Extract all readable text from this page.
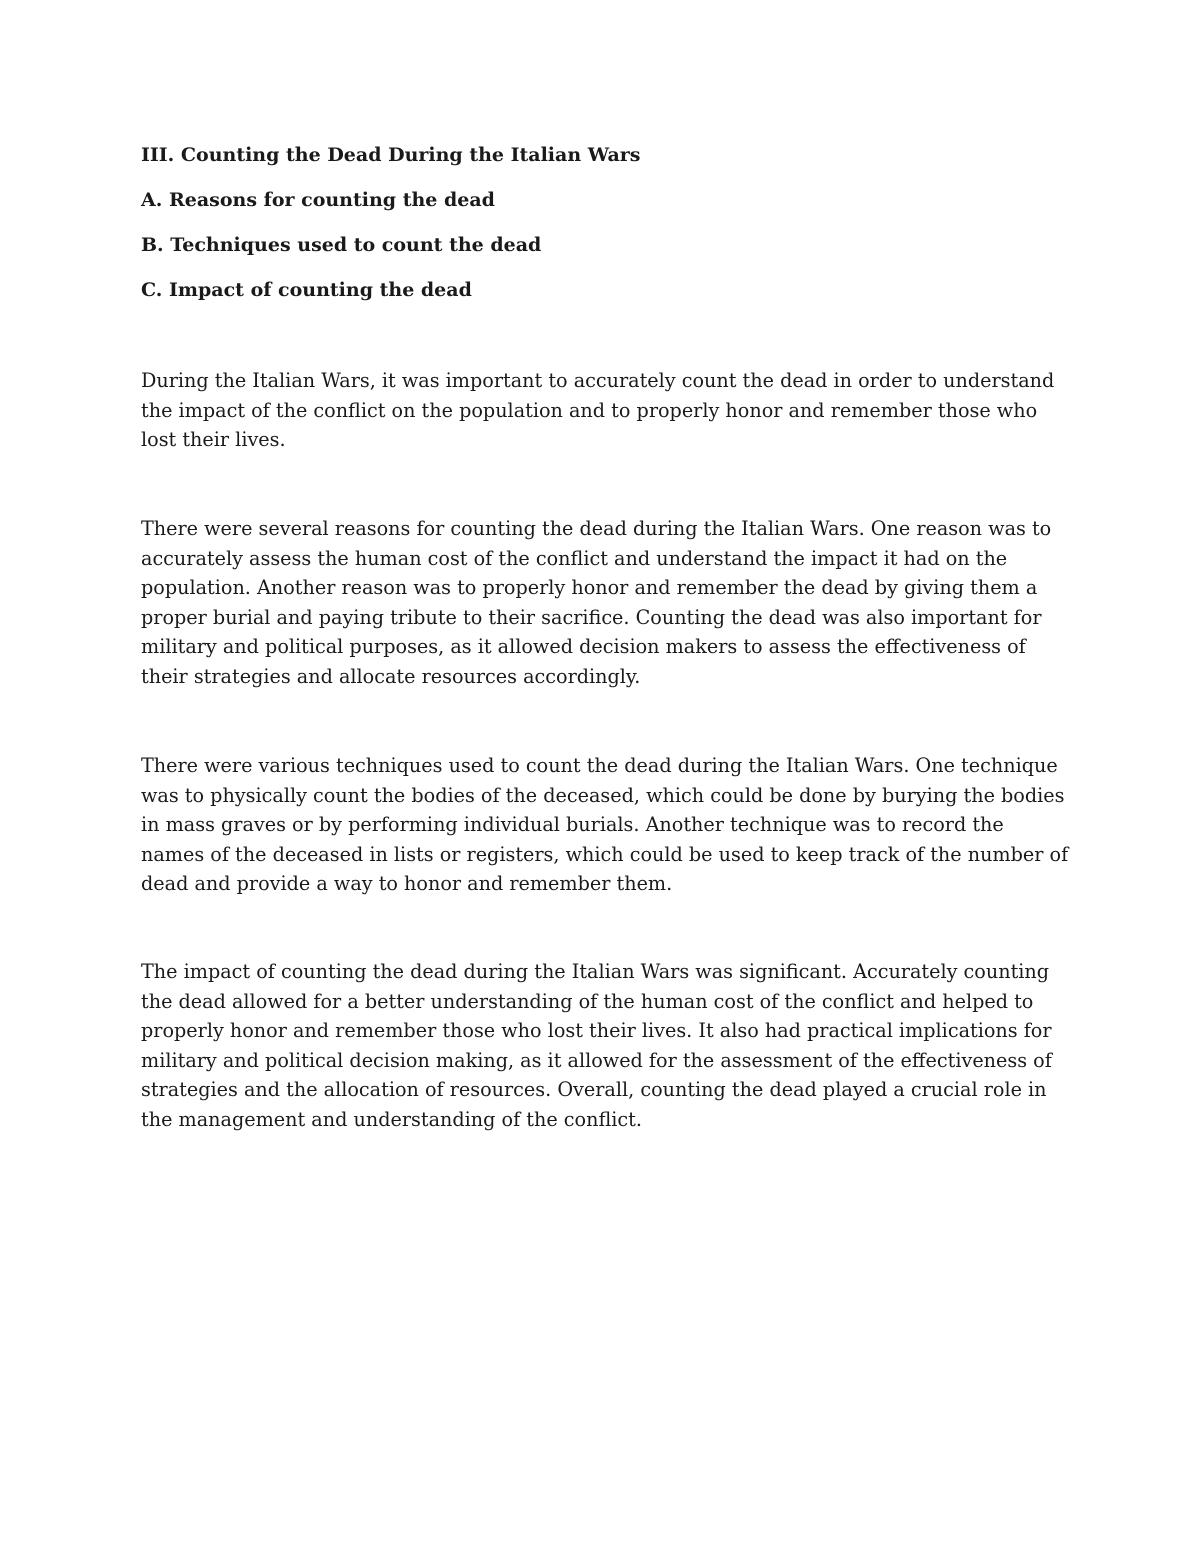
III. Counting the Dead During the Italian Wars
A. Reasons for counting the dead
B. Techniques used to count the dead
C. Impact of counting the dead

During the Italian Wars, it was important to accurately count the dead in order to understand the impact of the conflict on the population and to properly honor and remember those who lost their lives.

There were several reasons for counting the dead during the Italian Wars. One reason was to accurately assess the human cost of the conflict and understand the impact it had on the population. Another reason was to properly honor and remember the dead by giving them a proper burial and paying tribute to their sacrifice. Counting the dead was also important for military and political purposes, as it allowed decision makers to assess the effectiveness of their strategies and allocate resources accordingly.

There were various techniques used to count the dead during the Italian Wars. One technique was to physically count the bodies of the deceased, which could be done by burying the bodies in mass graves or by performing individual burials. Another technique was to record the names of the deceased in lists or registers, which could be used to keep track of the number of dead and provide a way to honor and remember them.

The impact of counting the dead during the Italian Wars was significant. Accurately counting the dead allowed for a better understanding of the human cost of the conflict and helped to properly honor and remember those who lost their lives. It also had practical implications for military and political decision making, as it allowed for the assessment of the effectiveness of strategies and the allocation of resources. Overall, counting the dead played a crucial role in the management and understanding of the conflict.
